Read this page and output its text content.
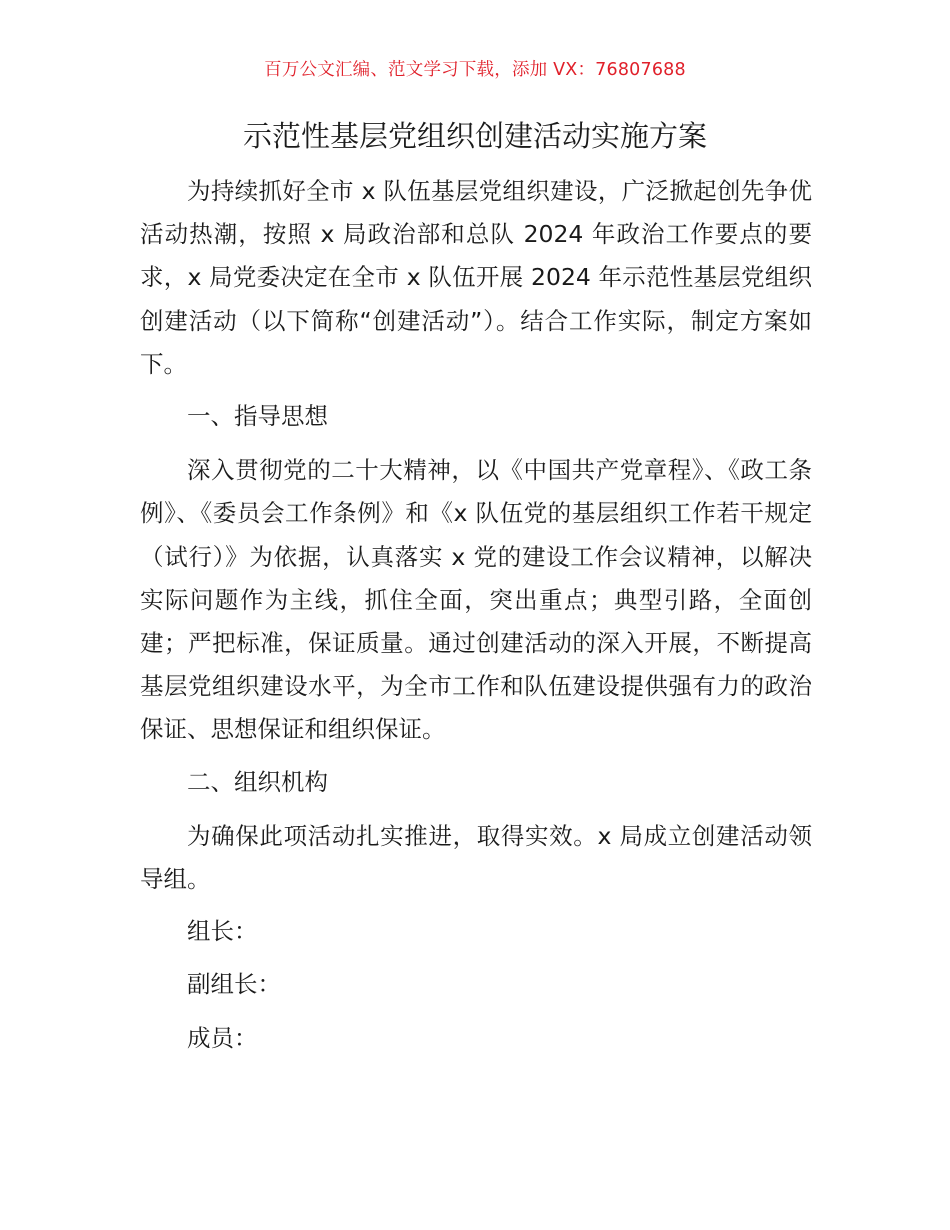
百万公文汇编、范文学习下载，添加 VX：76807688
示范性基层党组织创建活动实施方案

为持续抓好全市 x 队伍基层党组织建设，广泛掀起创先争优活动热潮，按照 x 局政治部和总队 2024 年政治工作要点的要求，x 局党委决定在全市 x 队伍开展 2024 年示范性基层党组织创建活动（以下简称“创建活动”）。结合工作实际，制定方案如下。

一、指导思想

深入贯彻党的二十大精神，以《中国共产党章程》、《政工条例》、《委员会工作条例》和《x 队伍党的基层组织工作若干规定（试行）》为依据，认真落实 x 党的建设工作会议精神，以解决实际问题作为主线，抓住全面，突出重点；典型引路，全面创建；严把标准，保证质量。通过创建活动的深入开展，不断提高基层党组织建设水平，为全市工作和队伍建设提供强有力的政治保证、思想保证和组织保证。

二、组织机构

为确保此项活动扎实推进，取得实效。x 局成立创建活动领导组。

组长：

副组长：

成员：
